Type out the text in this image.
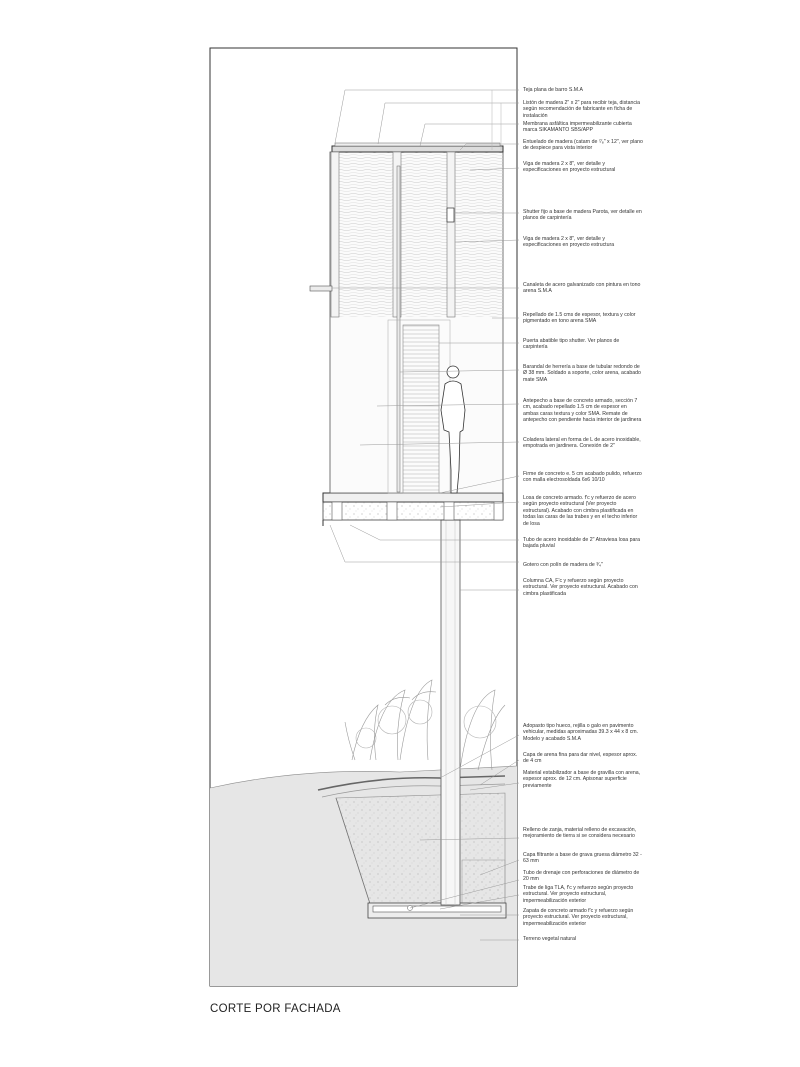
Teja plana de barro S.M.A
Listón de madera 2" x 2" para recibir teja, distancia según recomendación de fabricante en ficha de instalación
Membrana asfáltica impermeabilizante cubierta marca SIKAMANTO SBS/APP
Entuelado de madera (catarn de ⁷⁄₈" x 12", ver plano de despiece para vista interior
Viga de madera 2 x 8", ver detalle y especificaciones en proyecto estructural
Shutter fijo a base de madera Parota, ver detalle en planos de carpintería
Viga de madera 2 x 8", ver detalle y especificaciones en proyecto estructura
Canaleta de acero galvanizado con pintura en tono arena S.M.A
Repellado de 1.5 cms de espesor, textura y color pigmentado en tono arena SMA
Puerta abatible tipo shutter. Ver planos de carpintería
Barandal de herrería a base de tubular redondo de Ø 38 mm. Soldado a soporte, color arena, acabado mate SMA
Antepecho a base de concreto armado, sección 7 cm, acabado repellado 1.5 cm de espesor en ambas caras textura y color SMA. Remate de antepecho con pendiente hacia interior de jardinera
Coladera lateral en forma de L de acero inoxidable, empotrada en jardinera. Conexión de 2"
Firme de concreto e. 5 cm acabado pulido, refuerzo con malla electrosoldada 6x6 10/10
Losa de concreto armado. f'c y refuerzo de acero según proyecto estructural (Ver proyecto estructural). Acabado con cimbra plastificada en todas las caras de las trabes y en el techo inferior de losa
Tubo de acero inoxidable de 2" Atraviesa losa para bajada pluvial
Gotero con polín de madera de ³⁄₄"
Columna CA, F'c y refuerzo según proyecto estructural. Ver proyecto estructural. Acabado con cimbra plastificada
Adopasto tipo hueco, rejilla o galo en pavimento vehicular, medidas aproximadas 39.3 x 44 x 8 cm. Modelo y acabado S.M.A
Capa de arena fina para dar nivel, espesor aprox. de 4 cm
Material estabilizador a base de gravilla con arena, espesor aprox. de 12 cm. Apisonar superficie previamente
Relleno de zanja, material relleno de excavación, mejoramiento de tierra si se considera necesario
Capa filtrante a base de grava gruesa diámetro 32 - 63 mm
Tubo de drenaje con perforaciones de diámetro de 20 mm
Trabe de liga TLA, f'c y refuerzo según proyecto estructural. Ver proyecto estructural, impermeabilización exterior
Zapata de concreto armado f'c y refuerzo según proyecto estructural. Ver proyecto estructural, impermeabilización exterior
Terreno vegetal natural
CORTE POR FACHADA
